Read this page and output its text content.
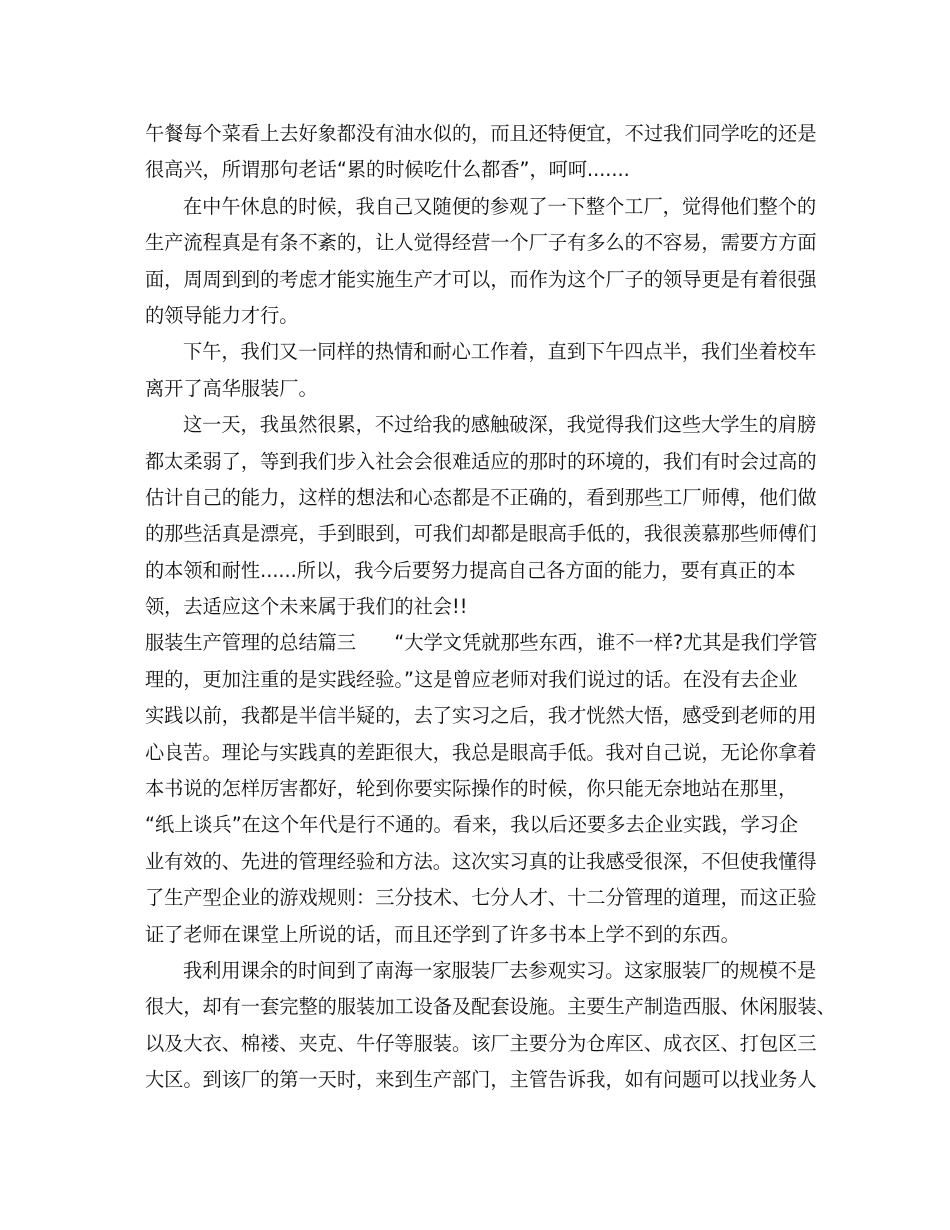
午餐每个菜看上去好象都没有油水似的，而且还特便宜，不过我们同学吃的还是
很高兴，所谓那句老话“累的时候吃什么都香”，呵呵.......
在中午休息的时候，我自己又随便的参观了一下整个工厂，觉得他们整个的
生产流程真是有条不紊的，让人觉得经营一个厂子有多么的不容易，需要方方面
面，周周到到的考虑才能实施生产才可以，而作为这个厂子的领导更是有着很强
的领导能力才行。
下午，我们又一同样的热情和耐心工作着，直到下午四点半，我们坐着校车
离开了高华服装厂。
这一天，我虽然很累，不过给我的感触破深，我觉得我们这些大学生的肩膀
都太柔弱了，等到我们步入社会会很难适应的那时的环境的，我们有时会过高的
估计自己的能力，这样的想法和心态都是不正确的，看到那些工厂师傅，他们做
的那些活真是漂亮，手到眼到，可我们却都是眼高手低的，我很羡慕那些师傅们
的本领和耐性......所以，我今后要努力提高自己各方面的能力，要有真正的本
领，去适应这个未来属于我们的社会!!
服装生产管理的总结篇三　　“大学文凭就那些东西，谁不一样?尤其是我们学管
理的，更加注重的是实践经验。”这是曾应老师对我们说过的话。在没有去企业
实践以前，我都是半信半疑的，去了实习之后，我才恍然大悟，感受到老师的用
心良苦。理论与实践真的差距很大，我总是眼高手低。我对自己说，无论你拿着
本书说的怎样厉害都好，轮到你要实际操作的时候，你只能无奈地站在那里，
“纸上谈兵”在这个年代是行不通的。看来，我以后还要多去企业实践，学习企
业有效的、先进的管理经验和方法。这次实习真的让我感受很深，不但使我懂得
了生产型企业的游戏规则：三分技术、七分人才、十二分管理的道理，而这正验
证了老师在课堂上所说的话，而且还学到了许多书本上学不到的东西。
我利用课余的时间到了南海一家服装厂去参观实习。这家服装厂的规模不是
很大，却有一套完整的服装加工设备及配套设施。主要生产制造西服、休闲服装、
以及大衣、棉褛、夹克、牛仔等服装。该厂主要分为仓库区、成衣区、打包区三
大区。到该厂的第一天时，来到生产部门，主管告诉我，如有问题可以找业务人
